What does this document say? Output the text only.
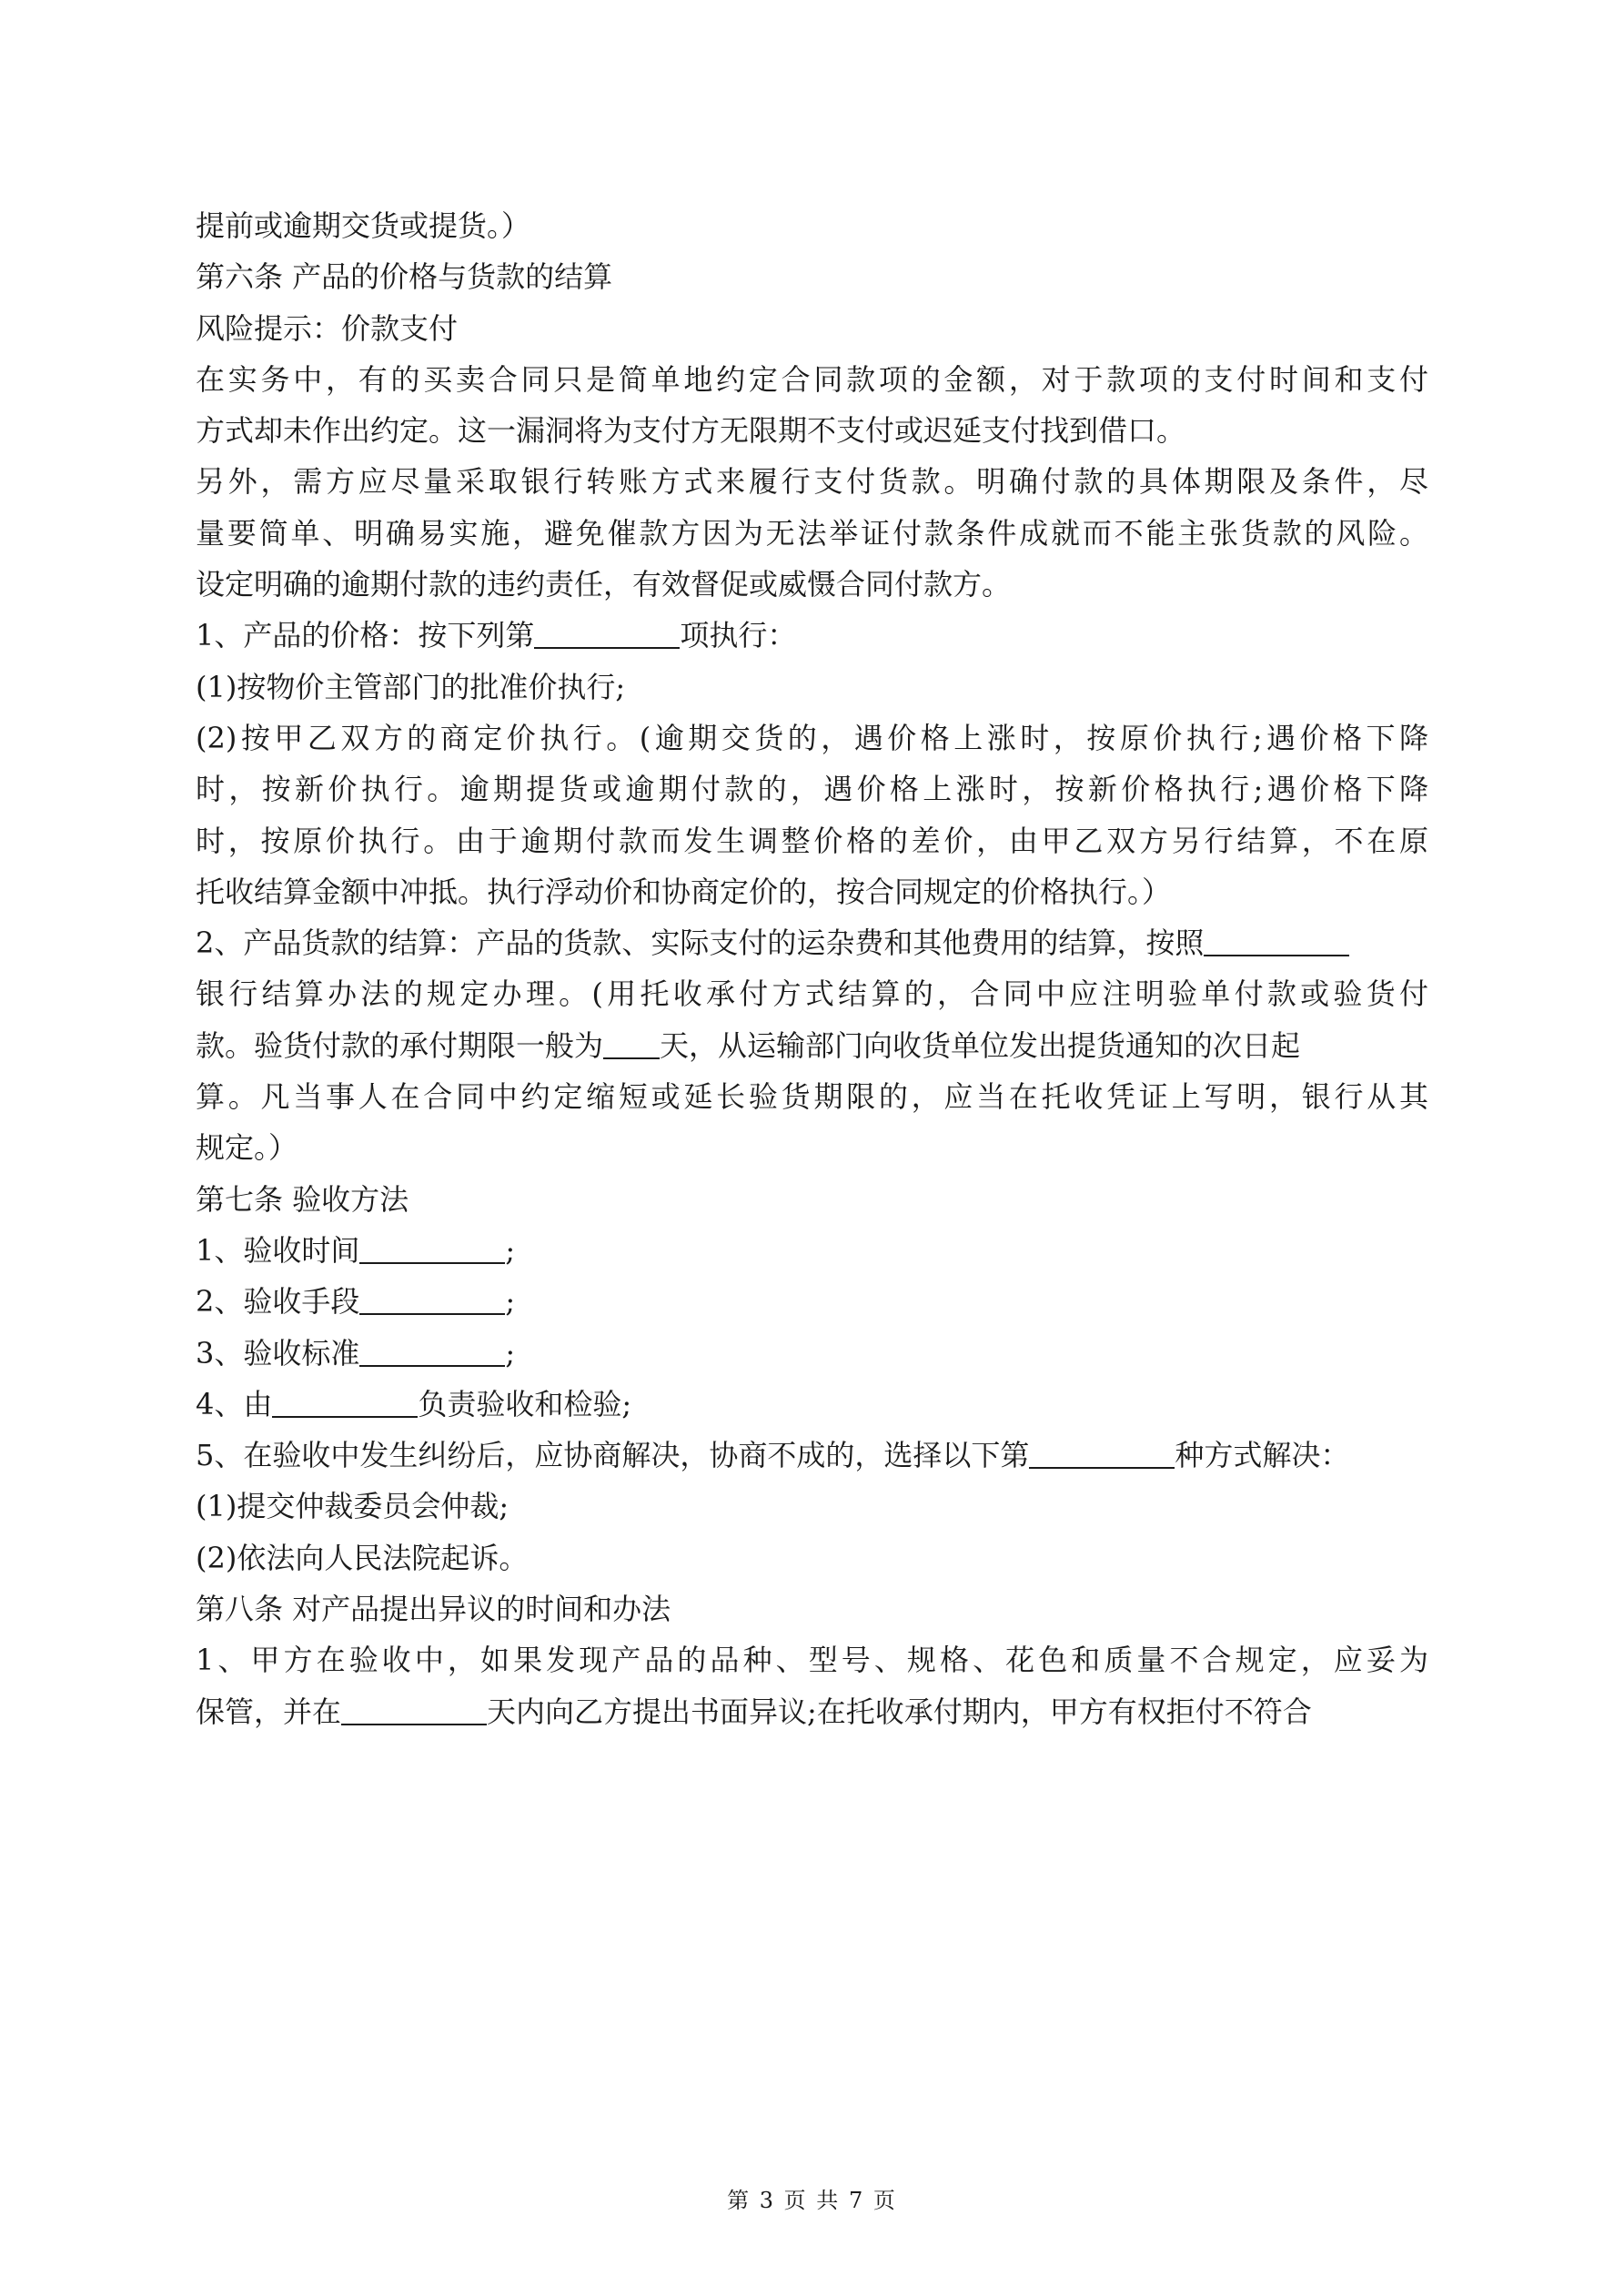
提前或逾期交货或提货。）
第六条 产品的价格与货款的结算
风险提示：价款支付
在实务中，有的买卖合同只是简单地约定合同款项的金额，对于款项的支付时间和支付
方式却未作出约定。这一漏洞将为支付方无限期不支付或迟延支付找到借口。
另外，需方应尽量采取银行转账方式来履行支付货款。明确付款的具体期限及条件，尽
量要简单、明确易实施，避免催款方因为无法举证付款条件成就而不能主张货款的风险。
设定明确的逾期付款的违约责任，有效督促或威慑合同付款方。
1、产品的价格：按下列第	项执行：
(1)按物价主管部门的批准价执行;
(2)按甲乙双方的商定价执行。(逾期交货的，遇价格上涨时，按原价执行;遇价格下降
时，按新价执行。逾期提货或逾期付款的，遇价格上涨时，按新价格执行;遇价格下降
时，按原价执行。由于逾期付款而发生调整价格的差价，由甲乙双方另行结算，不在原
托收结算金额中冲抵。执行浮动价和协商定价的，按合同规定的价格执行。）
2、产品货款的结算：产品的货款、实际支付的运杂费和其他费用的结算，按照
银行结算办法的规定办理。(用托收承付方式结算的，合同中应注明验单付款或验货付
款。验货付款的承付期限一般为 天，从运输部门向收货单位发出提货通知的次日起
算。凡当事人在合同中约定缩短或延长验货期限的，应当在托收凭证上写明，银行从其
规定。）
第七条 验收方法
1、验收时间	;
2、验收手段	;
3、验收标准	;
4、由	负责验收和检验;
5、在验收中发生纠纷后，应协商解决，协商不成的，选择以下第	种方式解决：
(1)提交仲裁委员会仲裁;
(2)依法向人民法院起诉。
第八条 对产品提出异议的时间和办法
1、甲方在验收中，如果发现产品的品种、型号、规格、花色和质量不合规定，应妥为
保管，并在	天内向乙方提出书面异议;在托收承付期内，甲方有权拒付不符合
第 3 页 共 7 页
